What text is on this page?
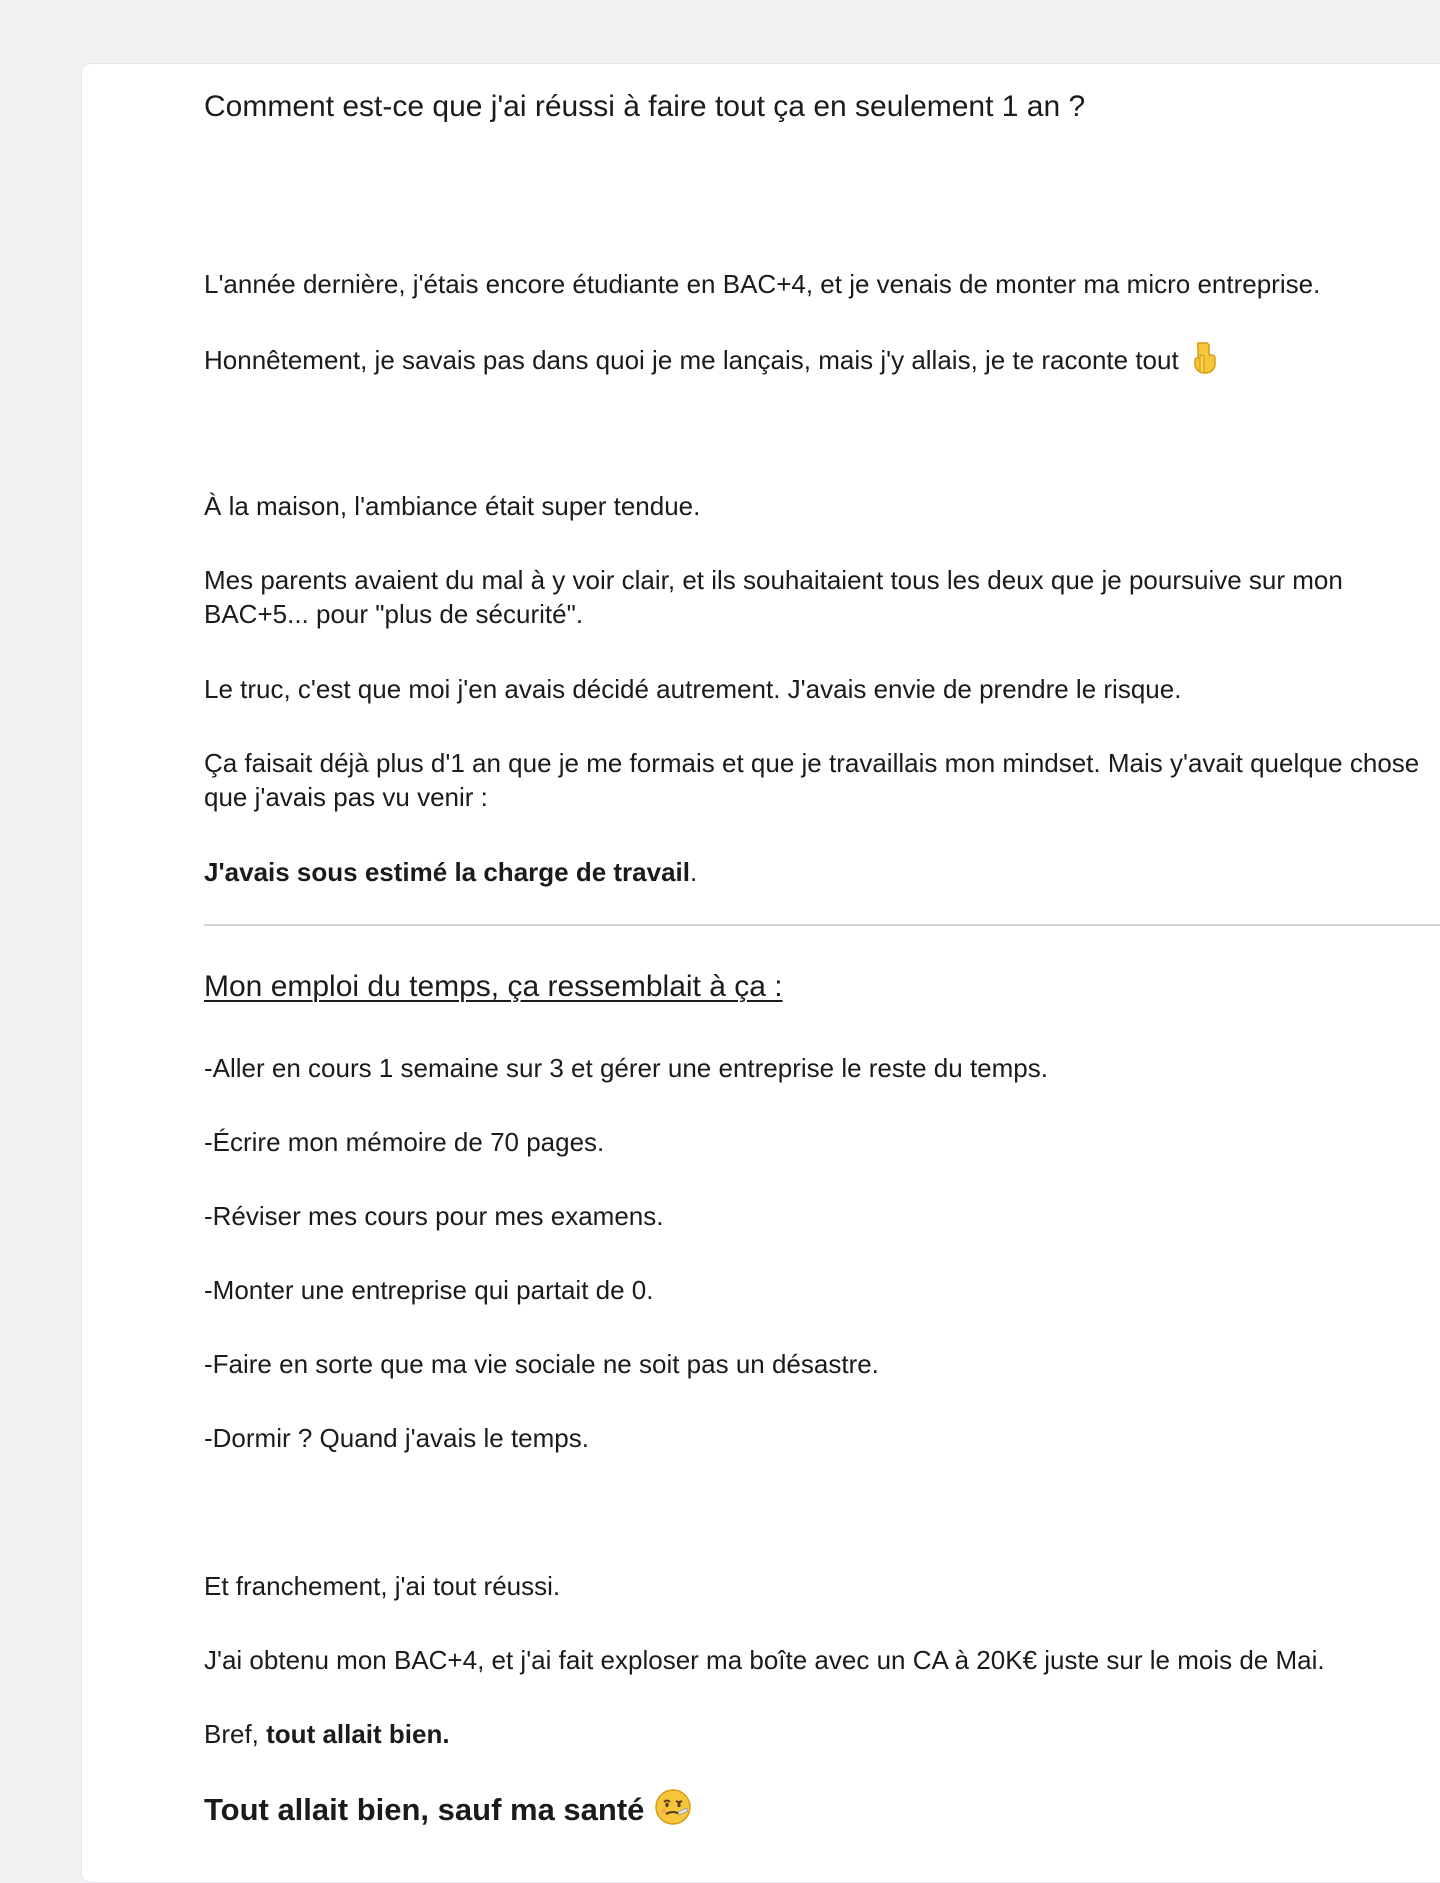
Comment est-ce que j'ai réussi à faire tout ça en seulement 1 an ?

L'année dernière, j'étais encore étudiante en BAC+4, et je venais de monter ma micro entreprise.

Honnêtement, je savais pas dans quoi je me lançais, mais j'y allais, je te raconte tout

À la maison, l'ambiance était super tendue.

Mes parents avaient du mal à y voir clair, et ils souhaitaient tous les deux que je poursuive sur mon BAC+5... pour "plus de sécurité".

Le truc, c'est que moi j'en avais décidé autrement. J'avais envie de prendre le risque.

Ça faisait déjà plus d'1 an que je me formais et que je travaillais mon mindset. Mais y'avait quelque chose que j'avais pas vu venir :

J'avais sous estimé la charge de travail.

Mon emploi du temps, ça ressemblait à ça :

-Aller en cours 1 semaine sur 3 et gérer une entreprise le reste du temps.

-Écrire mon mémoire de 70 pages.

-Réviser mes cours pour mes examens.

-Monter une entreprise qui partait de 0.

-Faire en sorte que ma vie sociale ne soit pas un désastre.

-Dormir ? Quand j'avais le temps.

Et franchement, j'ai tout réussi.

J'ai obtenu mon BAC+4, et j'ai fait exploser ma boîte avec un CA à 20K€ juste sur le mois de Mai.

Bref, tout allait bien.

Tout allait bien, sauf ma santé
